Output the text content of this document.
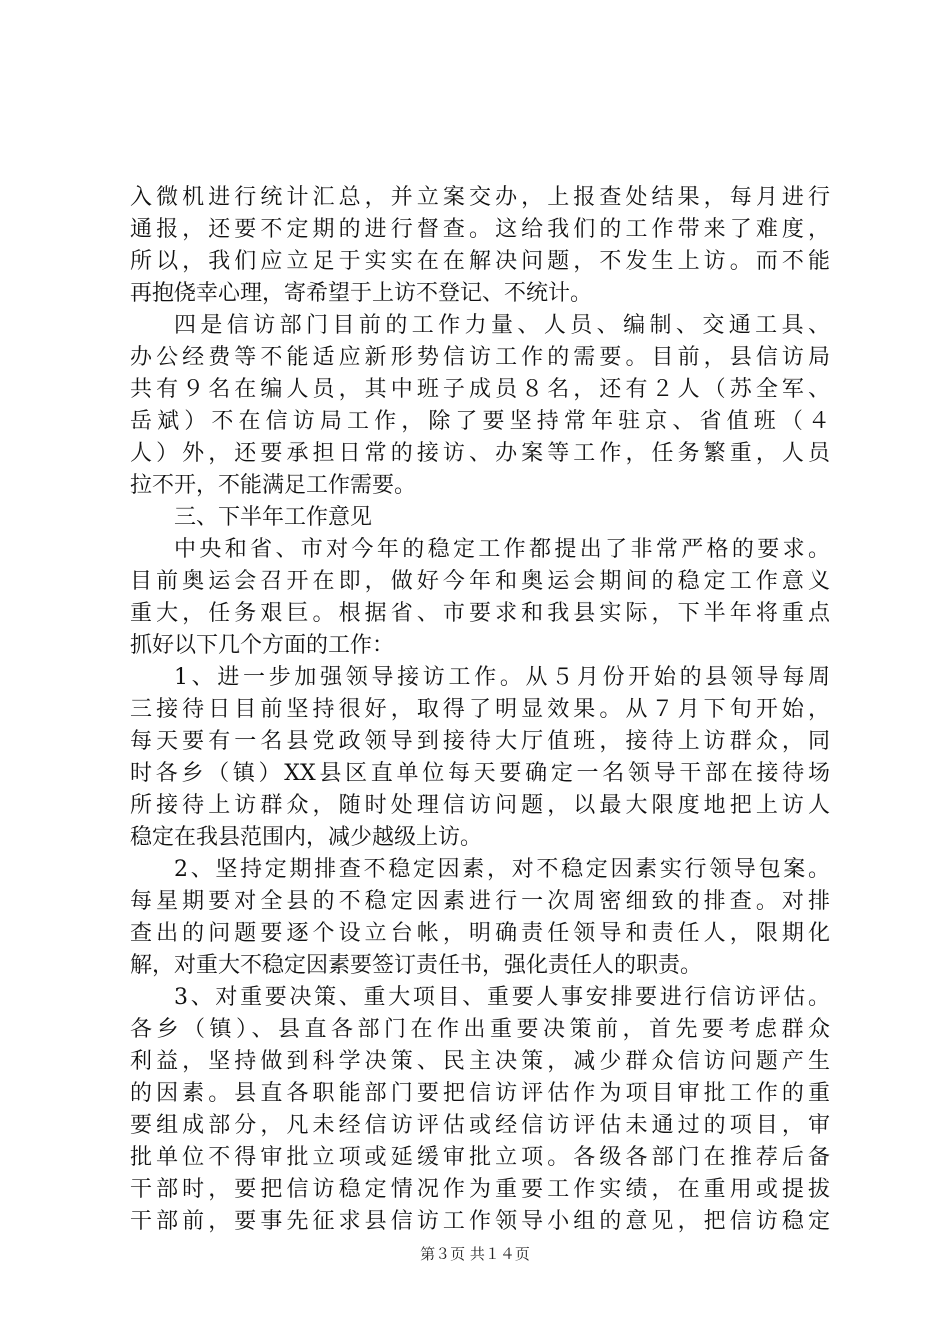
入微机进行统计汇总，并立案交办，上报查处结果，每月进行
通报，还要不定期的进行督查。这给我们的工作带来了难度，
所以，我们应立足于实实在在解决问题，不发生上访。而不能
再抱侥幸心理，寄希望于上访不登记、不统计。
四是信访部门目前的工作力量、人员、编制、交通工具、
办公经费等不能适应新形势信访工作的需要。目前，县信访局
共有９名在编人员，其中班子成员８名，还有２人（苏全军、
岳斌）不在信访局工作，除了要坚持常年驻京、省值班（４
人）外，还要承担日常的接访、办案等工作，任务繁重，人员
拉不开，不能满足工作需要。
三、下半年工作意见
中央和省、市对今年的稳定工作都提出了非常严格的要求。
目前奥运会召开在即，做好今年和奥运会期间的稳定工作意义
重大，任务艰巨。根据省、市要求和我县实际，下半年将重点
抓好以下几个方面的工作：
1、进一步加强领导接访工作。从５月份开始的县领导每周
三接待日目前坚持很好，取得了明显效果。从７月下旬开始，
每天要有一名县党政领导到接待大厅值班，接待上访群众，同
时各乡（镇）XX县区直单位每天要确定一名领导干部在接待场
所接待上访群众，随时处理信访问题，以最大限度地把上访人
稳定在我县范围内，减少越级上访。
2、坚持定期排查不稳定因素，对不稳定因素实行领导包案。
每星期要对全县的不稳定因素进行一次周密细致的排查。对排
查出的问题要逐个设立台帐，明确责任领导和责任人，限期化
解，对重大不稳定因素要签订责任书，强化责任人的职责。
3、对重要决策、重大项目、重要人事安排要进行信访评估。
各乡（镇）、县直各部门在作出重要决策前，首先要考虑群众
利益，坚持做到科学决策、民主决策，减少群众信访问题产生
的因素。县直各职能部门要把信访评估作为项目审批工作的重
要组成部分，凡未经信访评估或经信访评估未通过的项目，审
批单位不得审批立项或延缓审批立项。各级各部门在推荐后备
干部时，要把信访稳定情况作为重要工作实绩，在重用或提拔
干部前，要事先征求县信访工作领导小组的意见，把信访稳定
第３页 共１４页
